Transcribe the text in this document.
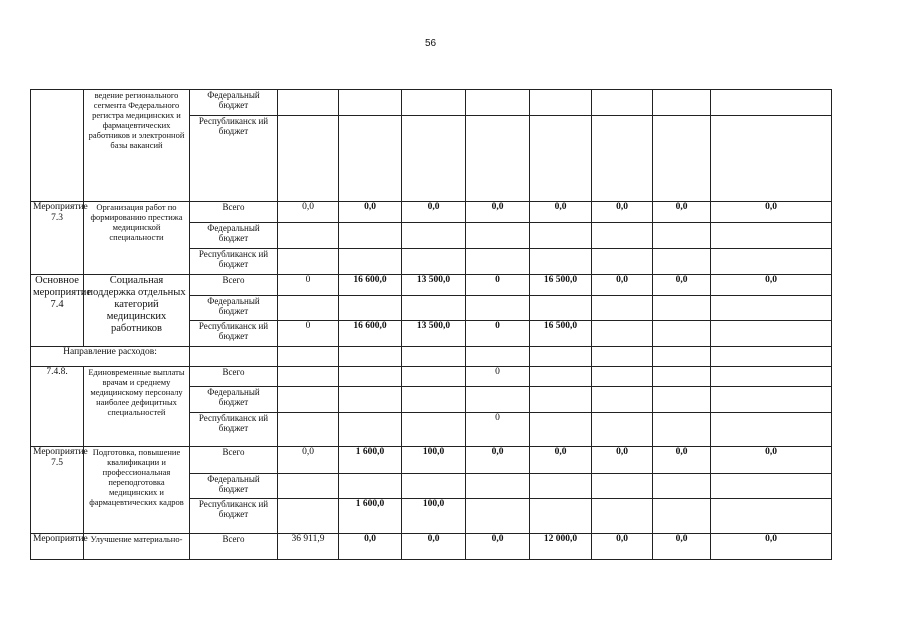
56
	ведение регионального сегмента Федерального регистра медицинских и фармацевтических работников и электронной базы вакансий	Федеральный бюджет								
		Республиканск ий бюджет								
Мероприятие 7.3	Организация работ по формированию престижа медицинской специальности	Всего	0,0	0,0	0,0	0,0	0,0	0,0	0,0	0,0
		Федеральный бюджет								
		Республиканск ий бюджет								
Основное мероприятие 7.4	Социальная поддержка отдельных категорий медицинских работников	Всего	0	16 600,0	13 500,0	0	16 500,0	0,0	0,0	0,0
		Федеральный бюджет								
		Республиканск ий бюджет	0	16 600,0	13 500,0	0	16 500,0			
Направление расходов:										
7.4.8.	Единовременные выплаты врачам и среднему медицинскому персоналу наиболее дефицитных специальностей	Всего				0				
		Федеральный бюджет								
		Республиканск ий бюджет				0				
Мероприятие 7.5	Подготовка, повышение квалификации и профессиональная переподготовка медицинских и фармацевтических кадров	Всего	0,0	1 600,0	100,0	0,0	0,0	0,0	0,0	0,0
		Федеральный бюджет								
		Республиканск ий бюджет		1 600,0	100,0					
Мероприятие	Улучшение материально-	Всего	36 911,9	0,0	0,0	0,0	12 000,0	0,0	0,0	0,0
